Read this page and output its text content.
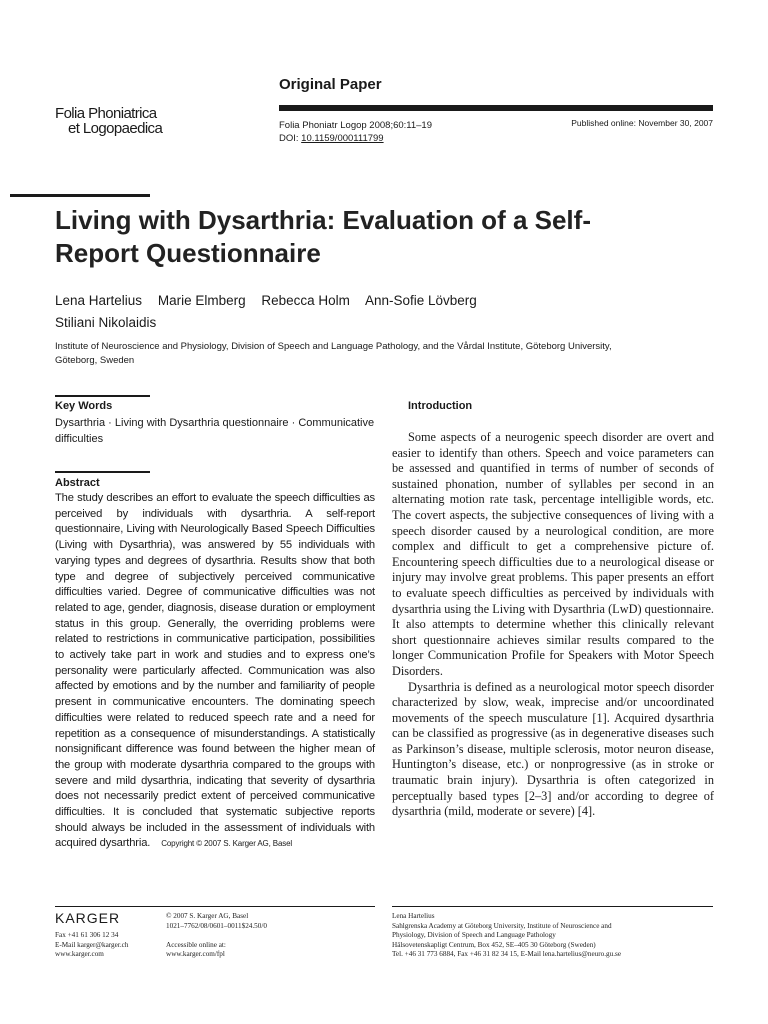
Folia Phoniatrica
et Logopaedica
Original Paper
Folia Phoniatr Logop 2008;60:11–19
DOI: 10.1159/000111799
Published online: November 30, 2007
Living with Dysarthria: Evaluation of a Self-Report Questionnaire
Lena Hartelius Marie Elmberg Rebecca Holm Ann-Sofie Lövberg
Stiliani Nikolaidis
Institute of Neuroscience and Physiology, Division of Speech and Language Pathology, and the Vårdal Institute, Göteborg University, Göteborg, Sweden
Key Words
Dysarthria · Living with Dysarthria questionnaire · Communicative difficulties
Abstract
The study describes an effort to evaluate the speech difficulties as perceived by individuals with dysarthria. A self-report questionnaire, Living with Neurologically Based Speech Difficulties (Living with Dysarthria), was answered by 55 individuals with varying types and degrees of dysarthria. Results show that both type and degree of subjectively perceived communicative difficulties varied. Degree of communicative difficulties was not related to age, gender, diagnosis, disease duration or employment status in this group. Generally, the overriding problems were related to restrictions in communicative participation, possibilities to actively take part in work and studies and to express one’s personality were particularly affected. Communication was also affected by emotions and by the number and familiarity of people present in communicative encounters. The dominating speech difficulties were related to reduced speech rate and a need for repetition as a consequence of misunderstandings. A statistically nonsignificant difference was found between the higher mean of the group with moderate dysarthria compared to the groups with severe and mild dysarthria, indicating that severity of dysarthria does not necessarily predict extent of perceived communicative difficulties. It is concluded that systematic subjective reports should always be included in the assessment of individuals with acquired dysarthria. Copyright © 2007 S. Karger AG, Basel
Introduction

Some aspects of a neurogenic speech disorder are overt and easier to identify than others. Speech and voice parameters can be assessed and quantified in terms of number of seconds of sustained phonation, number of syllables per second in an alternating motion rate task, percentage intelligible words, etc. The covert aspects, the subjective consequences of living with a speech disorder caused by a neurological condition, are more complex and difficult to get a comprehensive picture of. Encountering speech difficulties due to a neurological disease or injury may involve great problems. This paper presents an effort to evaluate speech difficulties as perceived by individuals with dysarthria using the Living with Dysarthria (LwD) questionnaire. It also attempts to determine whether this clinically relevant short questionnaire achieves similar results compared to the longer Communication Profile for Speakers with Motor Speech Disorders.

Dysarthria is defined as a neurological motor speech disorder characterized by slow, weak, imprecise and/or uncoordinated movements of the speech musculature [1]. Acquired dysarthria can be classified as progressive (as in degenerative diseases such as Parkinson’s disease, multiple sclerosis, motor neuron disease, Huntington’s disease, etc.) or nonprogressive (as in stroke or traumatic brain injury). Dysarthria is often categorized in perceptually based types [2–3] and/or according to degree of dysarthria (mild, moderate or severe) [4].

KARGER
Fax +41 61 306 12 34
E-Mail karger@karger.ch
www.karger.com
© 2007 S. Karger AG, Basel
1021–7762/08/0601–0011$24.50/0

Accessible online at:
www.karger.com/fpl
Lena Hartelius
Sahlgrenska Academy at Göteborg University, Institute of Neuroscience and
Physiology, Division of Speech and Language Pathology
Hälsovetenskapligt Centrum, Box 452, SE–405 30 Göteborg (Sweden)
Tel. +46 31 773 6884, Fax +46 31 82 34 15, E-Mail lena.hartelius@neuro.gu.se
